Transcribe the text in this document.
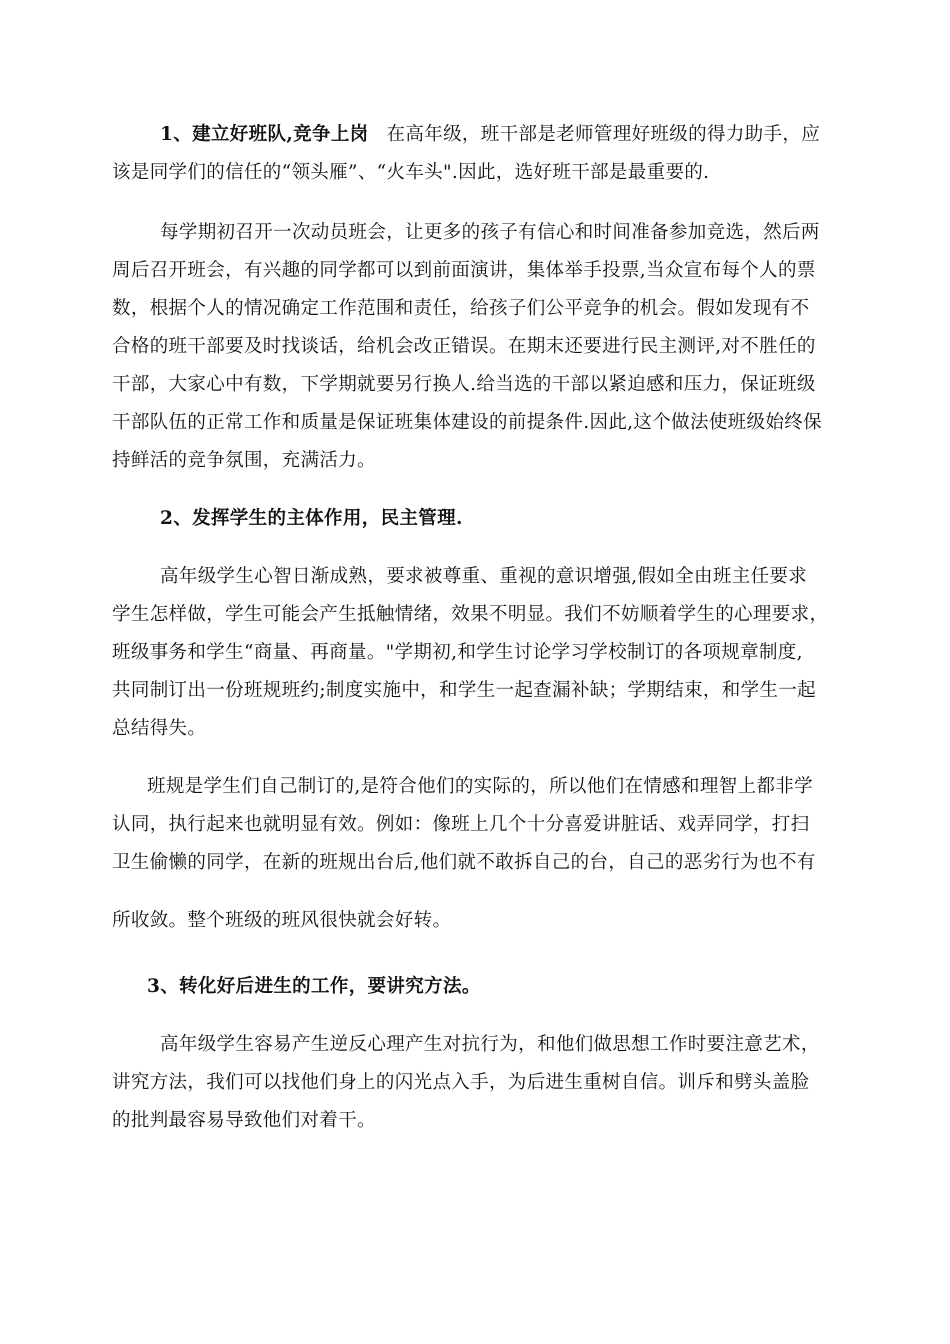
1、建立好班队,竞争上岗 在高年级，班干部是老师管理好班级的得力助手，应
该是同学们的信任的“领头雁”、“火车头".因此，选好班干部是最重要的.
每学期初召开一次动员班会，让更多的孩子有信心和时间准备参加竞选，然后两
周后召开班会，有兴趣的同学都可以到前面演讲，集体举手投票,当众宣布每个人的票
数，根据个人的情况确定工作范围和责任，给孩子们公平竞争的机会。假如发现有不
合格的班干部要及时找谈话，给机会改正错误。在期末还要进行民主测评,对不胜任的
干部，大家心中有数，下学期就要另行换人.给当选的干部以紧迫感和压力，保证班级
干部队伍的正常工作和质量是保证班集体建设的前提条件.因此,这个做法使班级始终保
持鲜活的竞争氛围，充满活力。
2、发挥学生的主体作用，民主管理.
高年级学生心智日渐成熟，要求被尊重、重视的意识增强,假如全由班主任要求
学生怎样做，学生可能会产生抵触情绪，效果不明显。我们不妨顺着学生的心理要求，
班级事务和学生“商量、再商量。"学期初,和学生讨论学习学校制订的各项规章制度,
共同制订出一份班规班约;制度实施中，和学生一起查漏补缺；学期结束，和学生一起
总结得失。
班规是学生们自己制订的,是符合他们的实际的，所以他们在情感和理智上都非学
认同，执行起来也就明显有效。例如：像班上几个十分喜爱讲脏话、戏弄同学，打扫
卫生偷懒的同学，在新的班规出台后,他们就不敢拆自己的台，自己的恶劣行为也不有
所收敛。整个班级的班风很快就会好转。
3、转化好后进生的工作，要讲究方法。
高年级学生容易产生逆反心理产生对抗行为，和他们做思想工作时要注意艺术，
讲究方法，我们可以找他们身上的闪光点入手，为后进生重树自信。训斥和劈头盖脸
的批判最容易导致他们对着干。
